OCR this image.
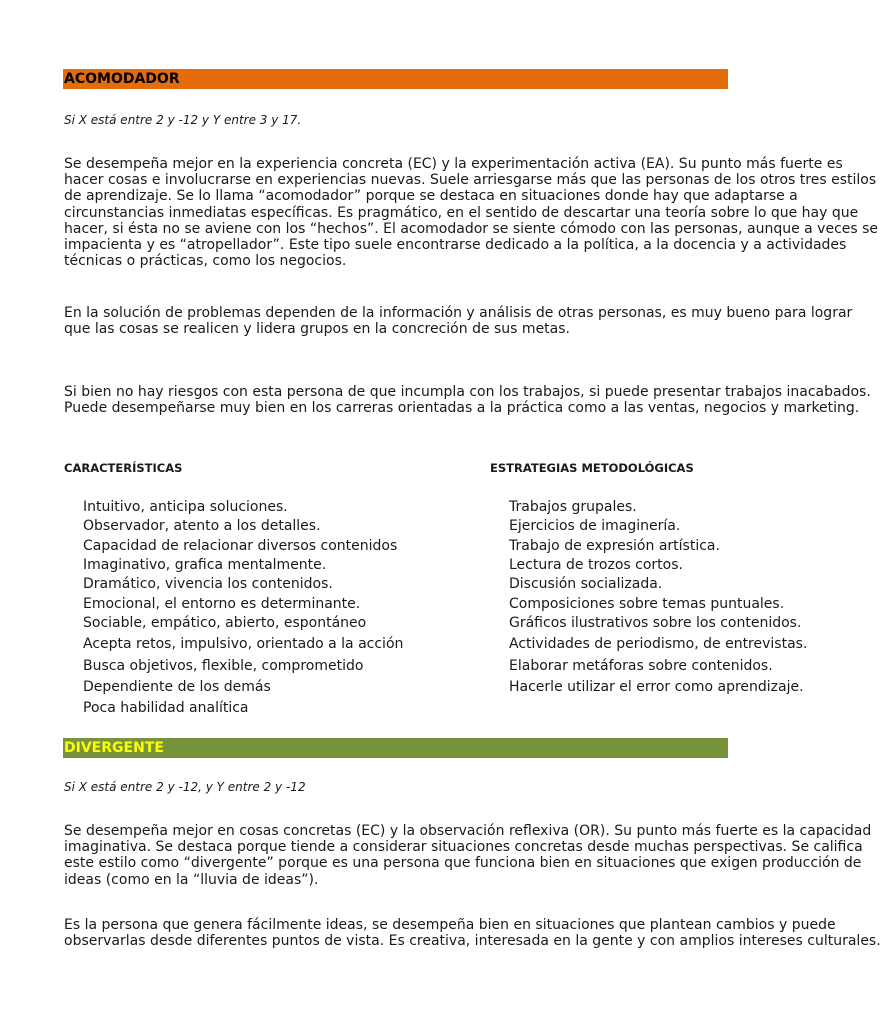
ACOMODADOR
Si X está entre 2 y -12 y Y entre 3 y 17.
Se desempeña mejor en la experiencia concreta (EC) y la experimentación activa (EA). Su punto más fuerte es
hacer cosas e involucrarse en experiencias nuevas. Suele arriesgarse más que las personas de los otros tres estilos
de aprendizaje. Se lo llama “acomodador” porque se destaca en situaciones donde hay que adaptarse a
circunstancias inmediatas específicas. Es pragmático, en el sentido de descartar una teoría sobre lo que hay que
hacer, si ésta no se aviene con los “hechos”. El acomodador se siente cómodo con las personas, aunque a veces se
impacienta y es “atropellador”. Este tipo suele encontrarse dedicado a la política, a la docencia y a actividades
técnicas o prácticas, como los negocios.
En la solución de problemas dependen de la información y análisis de otras personas, es muy bueno para lograr
que las cosas se realicen y lidera grupos en la concreción de sus metas.
Si bien no hay riesgos con esta persona de que incumpla con los trabajos, si puede presentar trabajos inacabados.
Puede desempeñarse muy bien en los carreras orientadas a la práctica como a las ventas, negocios y marketing.
CARACTERÍSTICAS	ESTRATEGIAS METODOLÓGICAS
Intuitivo, anticipa soluciones.
Observador, atento a los detalles.
Capacidad de relacionar diversos contenidos
Imaginativo, grafica mentalmente.
Dramático, vivencia los contenidos.
Emocional, el entorno es determinante.
Sociable, empático, abierto, espontáneo
Acepta retos, impulsivo, orientado a la acción
Busca objetivos, flexible, comprometido
Dependiente de los demás
Poca habilidad analítica
Trabajos grupales.
Ejercicios de imaginería.
Trabajo de expresión artística.
Lectura de trozos cortos.
Discusión socializada.
Composiciones sobre temas puntuales.
Gráficos ilustrativos sobre los contenidos.
Actividades de periodismo, de entrevistas.
Elaborar metáforas sobre contenidos.
Hacerle utilizar el error como aprendizaje.
DIVERGENTE
Si X está entre 2 y -12, y Y entre 2 y -12
Se desempeña mejor en cosas concretas (EC) y la observación reflexiva (OR). Su punto más fuerte es la capacidad
imaginativa. Se destaca porque tiende a considerar situaciones concretas desde muchas perspectivas. Se califica
este estilo como “divergente” porque es una persona que funciona bien en situaciones que exigen producción de
ideas (como en la “lluvia de ideas”).
Es la persona que genera fácilmente ideas, se desempeña bien en situaciones que plantean cambios y puede
observarlas desde diferentes puntos de vista. Es creativa, interesada en la gente y con amplios intereses culturales.
